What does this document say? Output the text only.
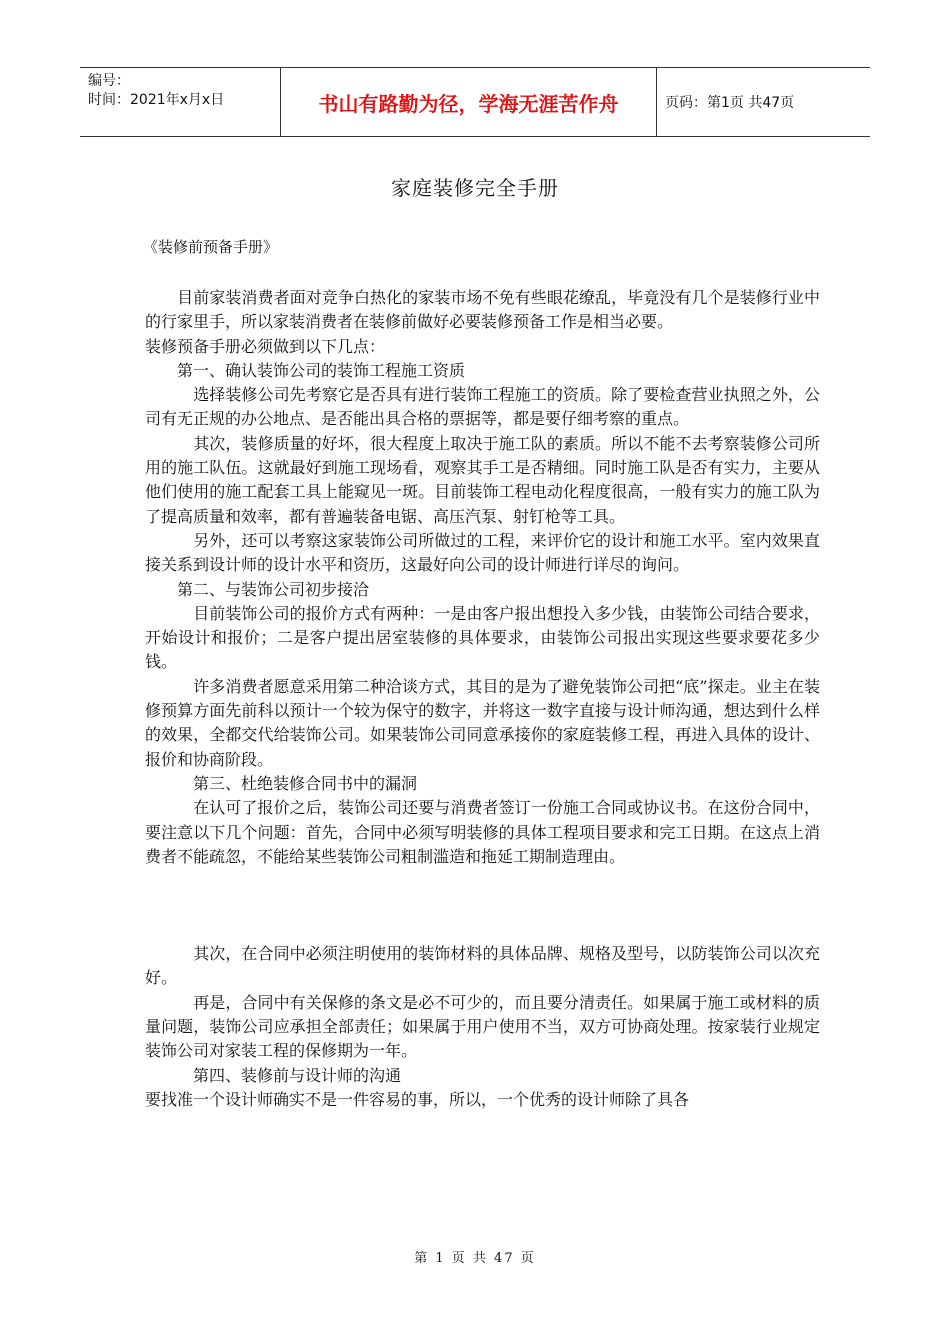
编号：
时间：2021年x月x日	书山有路勤为径，学海无涯苦作舟	页码：第1页 共47页
家庭装修完全手册
《装修前预备手册》

　　目前家装消费者面对竞争白热化的家装市场不免有些眼花缭乱，毕竟没有几个是装修行业中的行家里手，所以家装消费者在装修前做好必要装修预备工作是相当必要。

装修预备手册必须做到以下几点：

　　第一、确认装饰公司的装饰工程施工资质

　　　选择装修公司先考察它是否具有进行装饰工程施工的资质。除了要检查营业执照之外，公司有无正规的办公地点、是否能出具合格的票据等，都是要仔细考察的重点。

　　　其次，装修质量的好坏，很大程度上取决于施工队的素质。所以不能不去考察装修公司所用的施工队伍。这就最好到施工现场看，观察其手工是否精细。同时施工队是否有实力，主要从他们使用的施工配套工具上能窥见一斑。目前装饰工程电动化程度很高，一般有实力的施工队为了提高质量和效率，都有普遍装备电锯、高压汽泵、射钉枪等工具。

　　　另外，还可以考察这家装饰公司所做过的工程，来评价它的设计和施工水平。室内效果直接关系到设计师的设计水平和资历，这最好向公司的设计师进行详尽的询问。

　　第二、与装饰公司初步接洽

　　　目前装饰公司的报价方式有两种：一是由客户报出想投入多少钱，由装饰公司结合要求，开始设计和报价；二是客户提出居室装修的具体要求，由装饰公司报出实现这些要求要花多少钱。

　　　许多消费者愿意采用第二种洽谈方式，其目的是为了避免装饰公司把“底”探走。业主在装修预算方面先前科以预计一个较为保守的数字，并将这一数字直接与设计师沟通，想达到什么样的效果，全都交代给装饰公司。如果装饰公司同意承接你的家庭装修工程，再进入具体的设计、报价和协商阶段。

　　　第三、杜绝装修合同书中的漏洞

　　　在认可了报价之后，装饰公司还要与消费者签订一份施工合同或协议书。在这份合同中，要注意以下几个问题：首先，合同中必须写明装修的具体工程项目要求和完工日期。在这点上消费者不能疏忽，不能给某些装饰公司粗制滥造和拖延工期制造理由。

　　　其次，在合同中必须注明使用的装饰材料的具体品牌、规格及型号，以防装饰公司以次充好。

　　　再是，合同中有关保修的条文是必不可少的，而且要分清责任。如果属于施工或材料的质量问题，装饰公司应承担全部责任；如果属于用户使用不当，双方可协商处理。按家装行业规定装饰公司对家装工程的保修期为一年。

　　　第四、装修前与设计师的沟通

要找准一个设计师确实不是一件容易的事，所以，一个优秀的设计师除了具各

第 1 页 共 47 页
